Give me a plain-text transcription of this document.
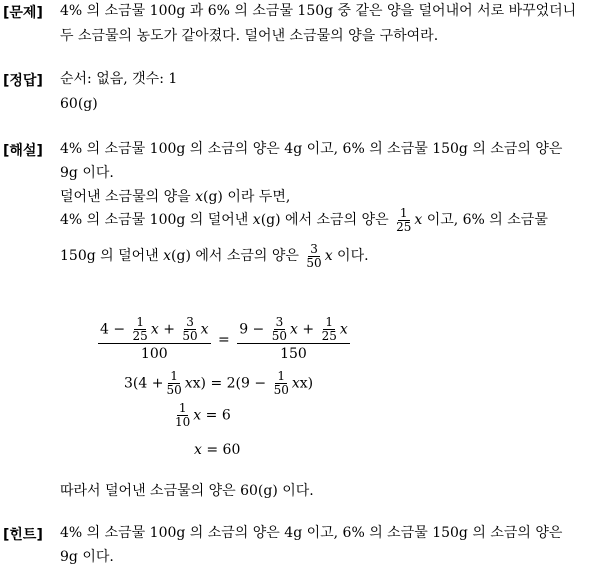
[문제] 4% 의 소금물 100g 과 6% 의 소금물 150g 중 같은 양을 덜어내어 서로 바꾸었더니
두 소금물의 농도가 같아졌다. 덜어낸 소금물의 양을 구하여라.
[정답] 순서: 없음, 갯수: 1
60(g)
[해설] 4% 의 소금물 100g 의 소금의 양은 4g 이고, 6% 의 소금물 150g 의 소금의 양은
9g 이다.
덜어낸 소금물의 양을 x(g) 이라 두면,
4% 의 소금물 100g 의 덜어낸 x(g) 에서 소금의 양은 $\frac{1}{25}$ x 이고, 6% 의 소금물
150g 의 덜어낸 x(g) 에서 소금의 양은 $\frac{3}{50}$ x 이다.
$\frac{4 - \frac{1}{25} x + \frac{3}{50} x}{100} = \frac{9 - \frac{3}{50} x + \frac{1}{25} x}{150}$
$3(4 + \frac{1}{50} xx) = 2(9 - \frac{1}{50} xx)$
$\frac{1}{10}$ x = 6
x = 60
따라서 덜어낸 소금물의 양은 60(g) 이다.
[힌트] 4% 의 소금물 100g 의 소금의 양은 4g 이고, 6% 의 소금물 150g 의 소금의 양은
9g 이다.
